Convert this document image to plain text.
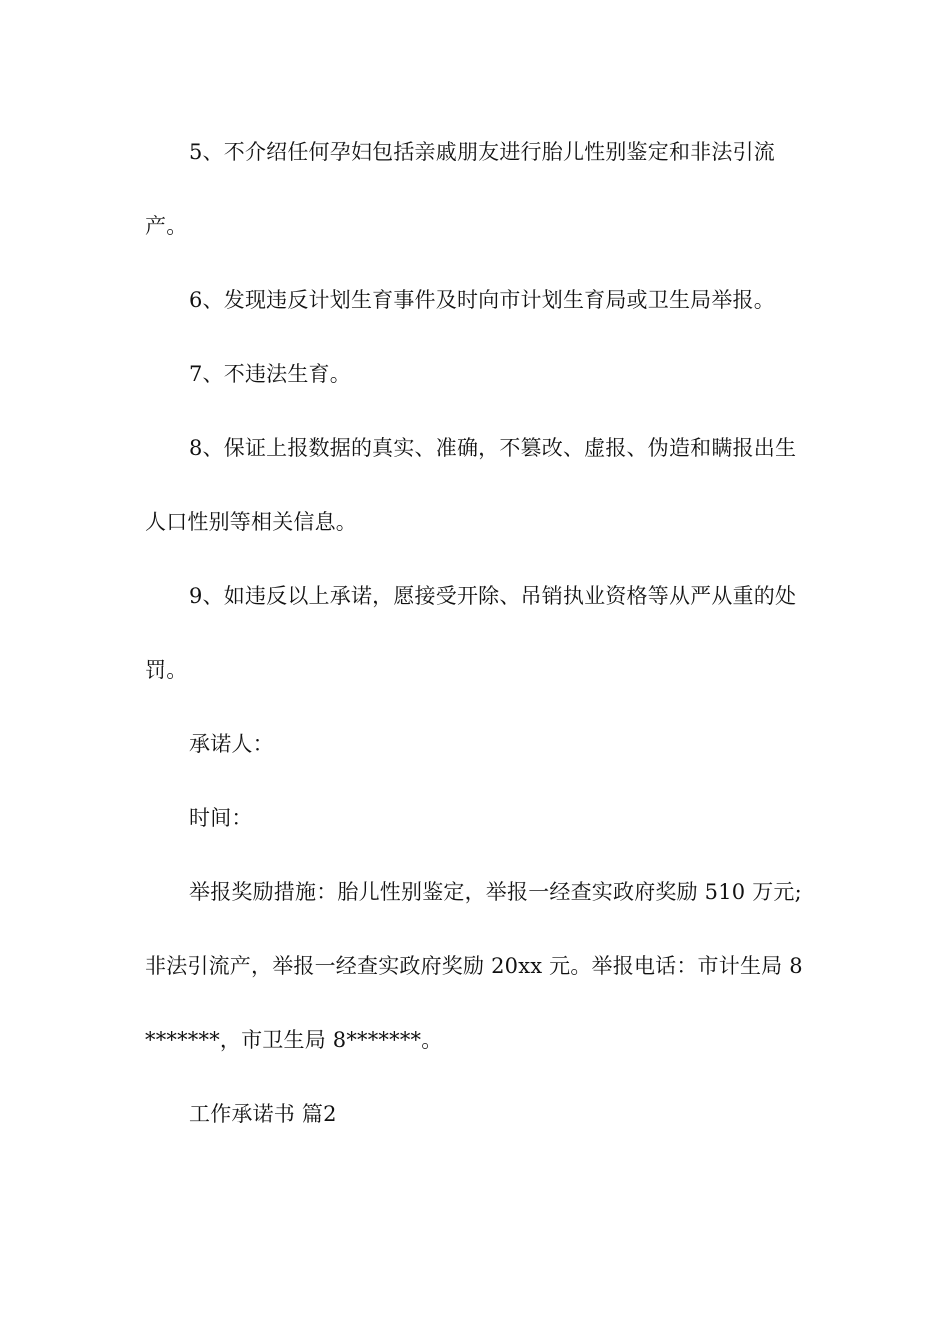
5、不介绍任何孕妇包括亲戚朋友进行胎儿性别鉴定和非法引流产。

6、发现违反计划生育事件及时向市计划生育局或卫生局举报。

7、不违法生育。

8、保证上报数据的真实、准确，不篡改、虚报、伪造和瞒报出生人口性别等相关信息。

9、如违反以上承诺，愿接受开除、吊销执业资格等从严从重的处罚。

承诺人：

时间：

举报奖励措施：胎儿性别鉴定，举报一经查实政府奖励 510 万元;非法引流产，举报一经查实政府奖励 20xx 元。举报电话：市计生局 8*******，市卫生局 8*******。

工作承诺书 篇2
